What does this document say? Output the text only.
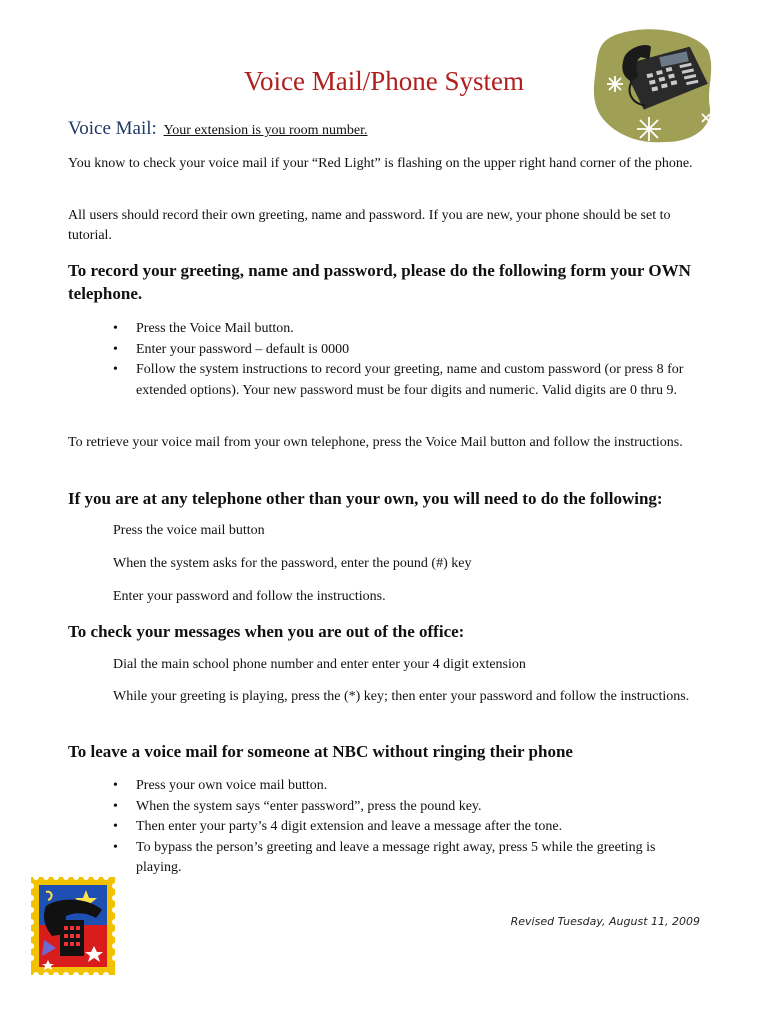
Voice Mail/Phone System
Voice Mail: Your extension is you room number.

You know to check your voice mail if your “Red Light” is flashing on the upper right hand corner of the phone.

All users should record their own greeting, name and password. If you are new, your phone should be set to tutorial.

To record your greeting, name and password, please do the following form your OWN telephone.
• Press the Voice Mail button.
• Enter your password – default is 0000
• Follow the system instructions to record your greeting, name and custom password (or press 8 for extended options). Your new password must be four digits and numeric. Valid digits are 0 thru 9.

To retrieve your voice mail from your own telephone, press the Voice Mail button and follow the instructions.

If you are at any telephone other than your own, you will need to do the following:
Press the voice mail button
When the system asks for the password, enter the pound (#) key
Enter your password and follow the instructions.
To check your messages when you are out of the office:
Dial the main school phone number and enter enter your 4 digit extension
While your greeting is playing, press the (*) key; then enter your password and follow the instructions.
To leave a voice mail for someone at NBC without ringing their phone
• Press your own voice mail button.
• When the system says “enter password”, press the pound key.
• Then enter your party’s 4 digit extension and leave a message after the tone.
• To bypass the person’s greeting and leave a message right away, press 5 while the greeting is playing.
Revised Tuesday, August 11, 2009
